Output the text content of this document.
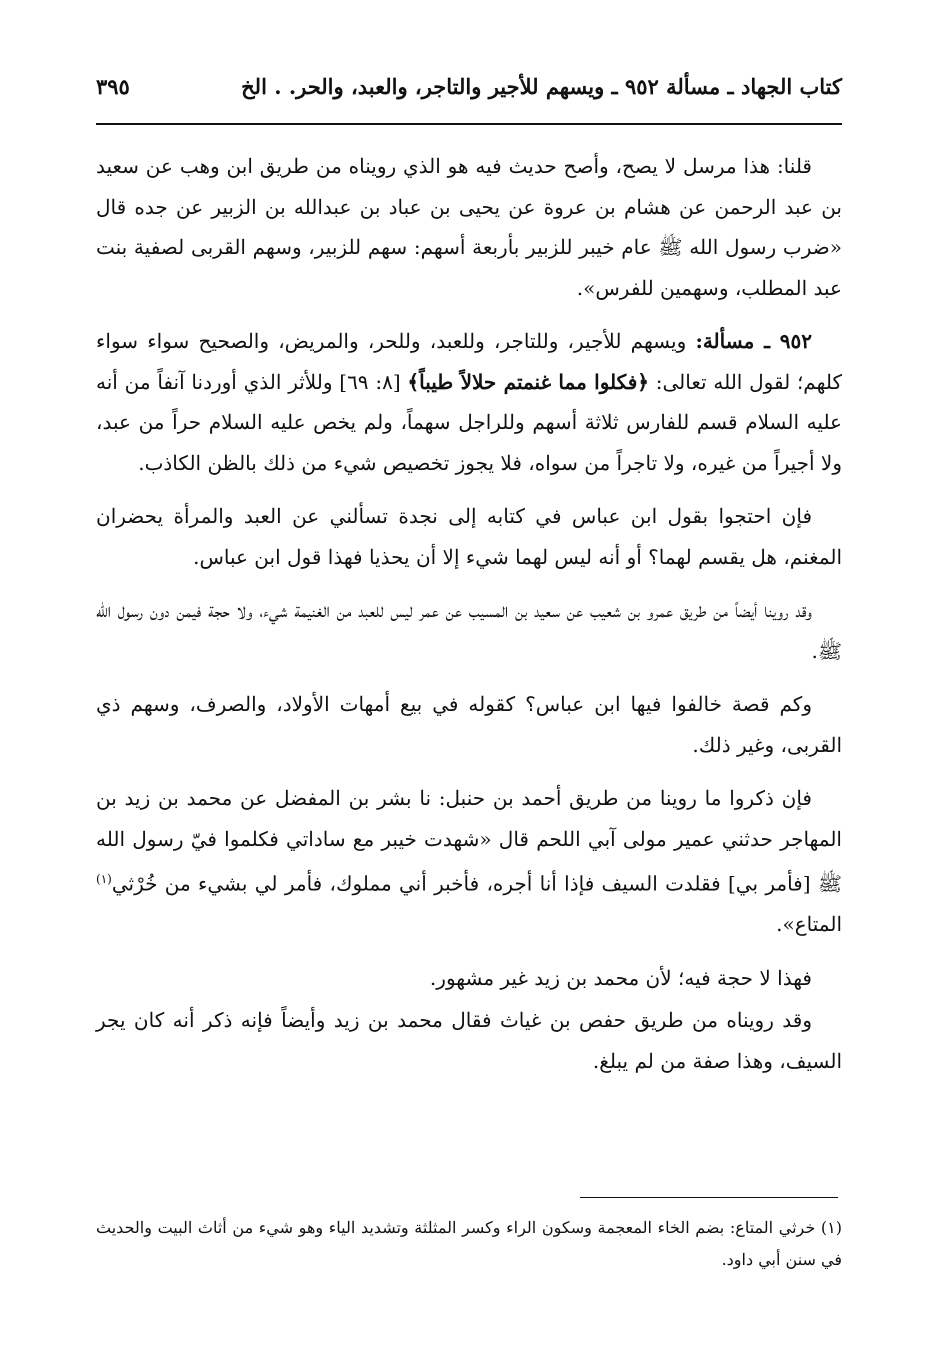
كتاب الجهاد ـ مسألة ٩٥٢ ـ ويسهم للأجير والتاجر، والعبد، والحر. . الخ
٣٩٥

قلنا: هذا مرسل لا يصح، وأصح حديث فيه هو الذي رويناه من طريق ابن وهب عن سعيد بن عبد الرحمن عن هشام بن عروة عن يحيى بن عباد بن عبدالله بن الزبير عن جده قال «ضرب رسول الله ﷺ عام خيبر للزبير بأربعة أسهم: سهم للزبير، وسهم القربى لصفية بنت عبد المطلب، وسهمين للفرس».

٩٥٢ ـ مسألة: ويسهم للأجير، وللتاجر، وللعبد، وللحر، والمريض، والصحيح سواء سواء كلهم؛ لقول الله تعالى: ﴿فكلوا مما غنمتم حلالاً طيباً﴾ [٨: ٦٩] وللأثر الذي أوردنا آنفاً من أنه عليه السلام قسم للفارس ثلاثة أسهم وللراجل سهماً، ولم يخص عليه السلام حراً من عبد، ولا أجيراً من غيره، ولا تاجراً من سواه، فلا يجوز تخصيص شيء من ذلك بالظن الكاذب.

فإن احتجوا بقول ابن عباس في كتابه إلى نجدة تسألني عن العبد والمرأة يحضران المغنم، هل يقسم لهما؟ أو أنه ليس لهما شيء إلا أن يحذيا فهذا قول ابن عباس.

وقد روينا أيضاً من طريق عمرو بن شعيب عن سعيد بن المسيب عن عمر ليس للعبد من الغنيمة شيء، ولا حجة فيمن دون رسول الله ﷺ.

وكم قصة خالفوا فيها ابن عباس؟ كقوله في بيع أمهات الأولاد، والصرف، وسهم ذي القربى، وغير ذلك.

فإن ذكروا ما روينا من طريق أحمد بن حنبل: نا بشر بن المفضل عن محمد بن زيد بن المهاجر حدثني عمير مولى آبي اللحم قال «شهدت خيبر مع ساداتي فكلموا فيّ رسول الله ﷺ [فأمر بي] فقلدت السيف فإذا أنا أجره، فأخبر أني مملوك، فأمر لي بشيء من خُرْثي$^{(١)}$ المتاع».

فهذا لا حجة فيه؛ لأن محمد بن زيد غير مشهور.

وقد رويناه من طريق حفص بن غياث فقال محمد بن زيد وأيضاً فإنه ذكر أنه كان يجر السيف، وهذا صفة من لم يبلغ.

(١) خرثي المتاع: بضم الخاء المعجمة وسكون الراء وكسر المثلثة وتشديد الياء وهو شيء من أثاث البيت والحديث في سنن أبي داود.
